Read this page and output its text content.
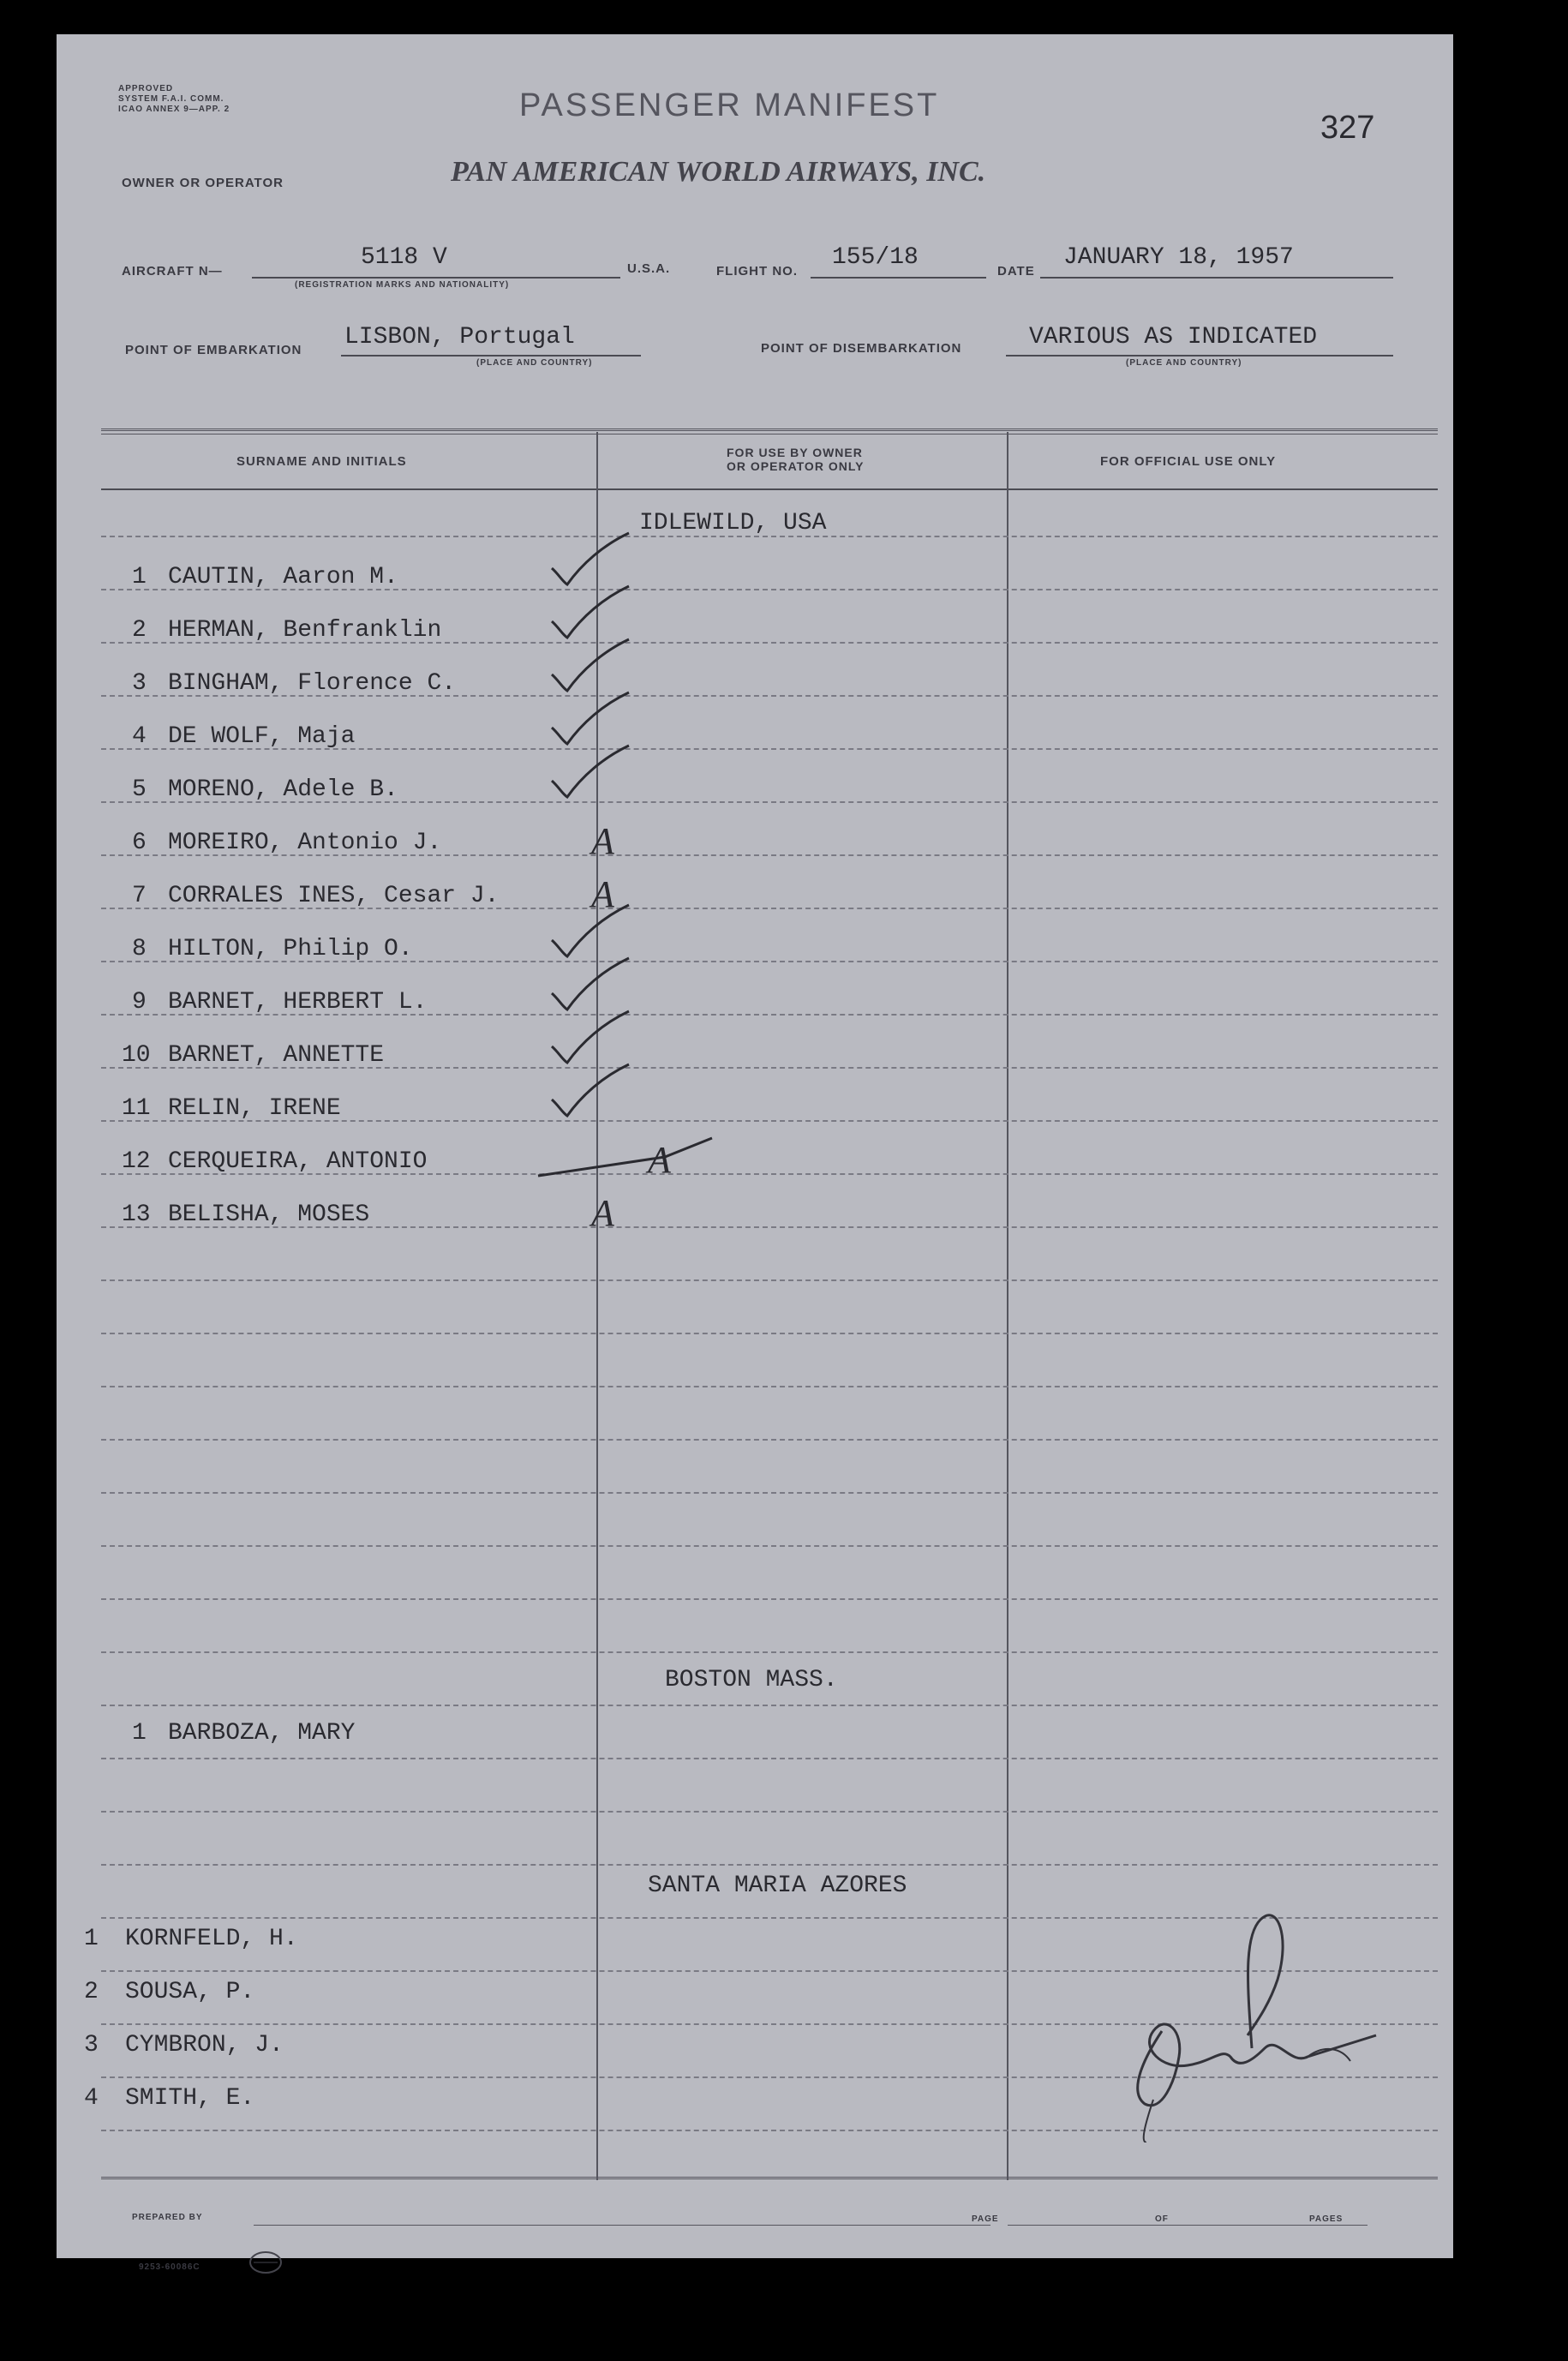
APPROVED
SYSTEM F.A.I. COMM.
ICAO ANNEX 9—APP. 2	PASSENGER MANIFEST
327
OWNER OR OPERATOR	PAN AMERICAN WORLD AIRWAYS, INC.
AIRCRAFT N—
5118 V
(REGISTRATION MARKS AND NATIONALITY)
U.S.A.	FLIGHT NO.
155/18
DATE
JANUARY 18, 1957
POINT OF EMBARKATION LISBON, Portugal
(PLACE AND COUNTRY)
POINT OF DISEMBARKATION	VARIOUS AS INDICATED
(PLACE AND COUNTRY)
SURNAME AND INITIALS
FOR USE BY OWNER
OR OPERATOR ONLY	FOR OFFICIAL USE ONLY
IDLEWILD, USA
1 CAUTIN, Aaron M.
2 HERMAN, Benfranklin
3 BINGHAM, Florence C.
4 DE WOLF, Maja
5 MORENO, Adele B.
6 MOREIRO, Antonio J.	A
7 CORRALES INES, Cesar J. A
8 HILTON, Philip O.
9 BARNET, HERBERT L.
10 BARNET, ANNETTE
11 RELIN, IRENE
12 CERQUEIRA, ANTONIO	A
13 BELISHA, MOSES	A
BOSTON MASS.
1 BARBOZA, MARY
SANTA MARIA AZORES
1 KORNFELD, H.
2 SOUSA, P.
3 CYMBRON, J.
4 SMITH, E.
PREPARED BY	PAGE	OF	PAGES
9253-60086C
